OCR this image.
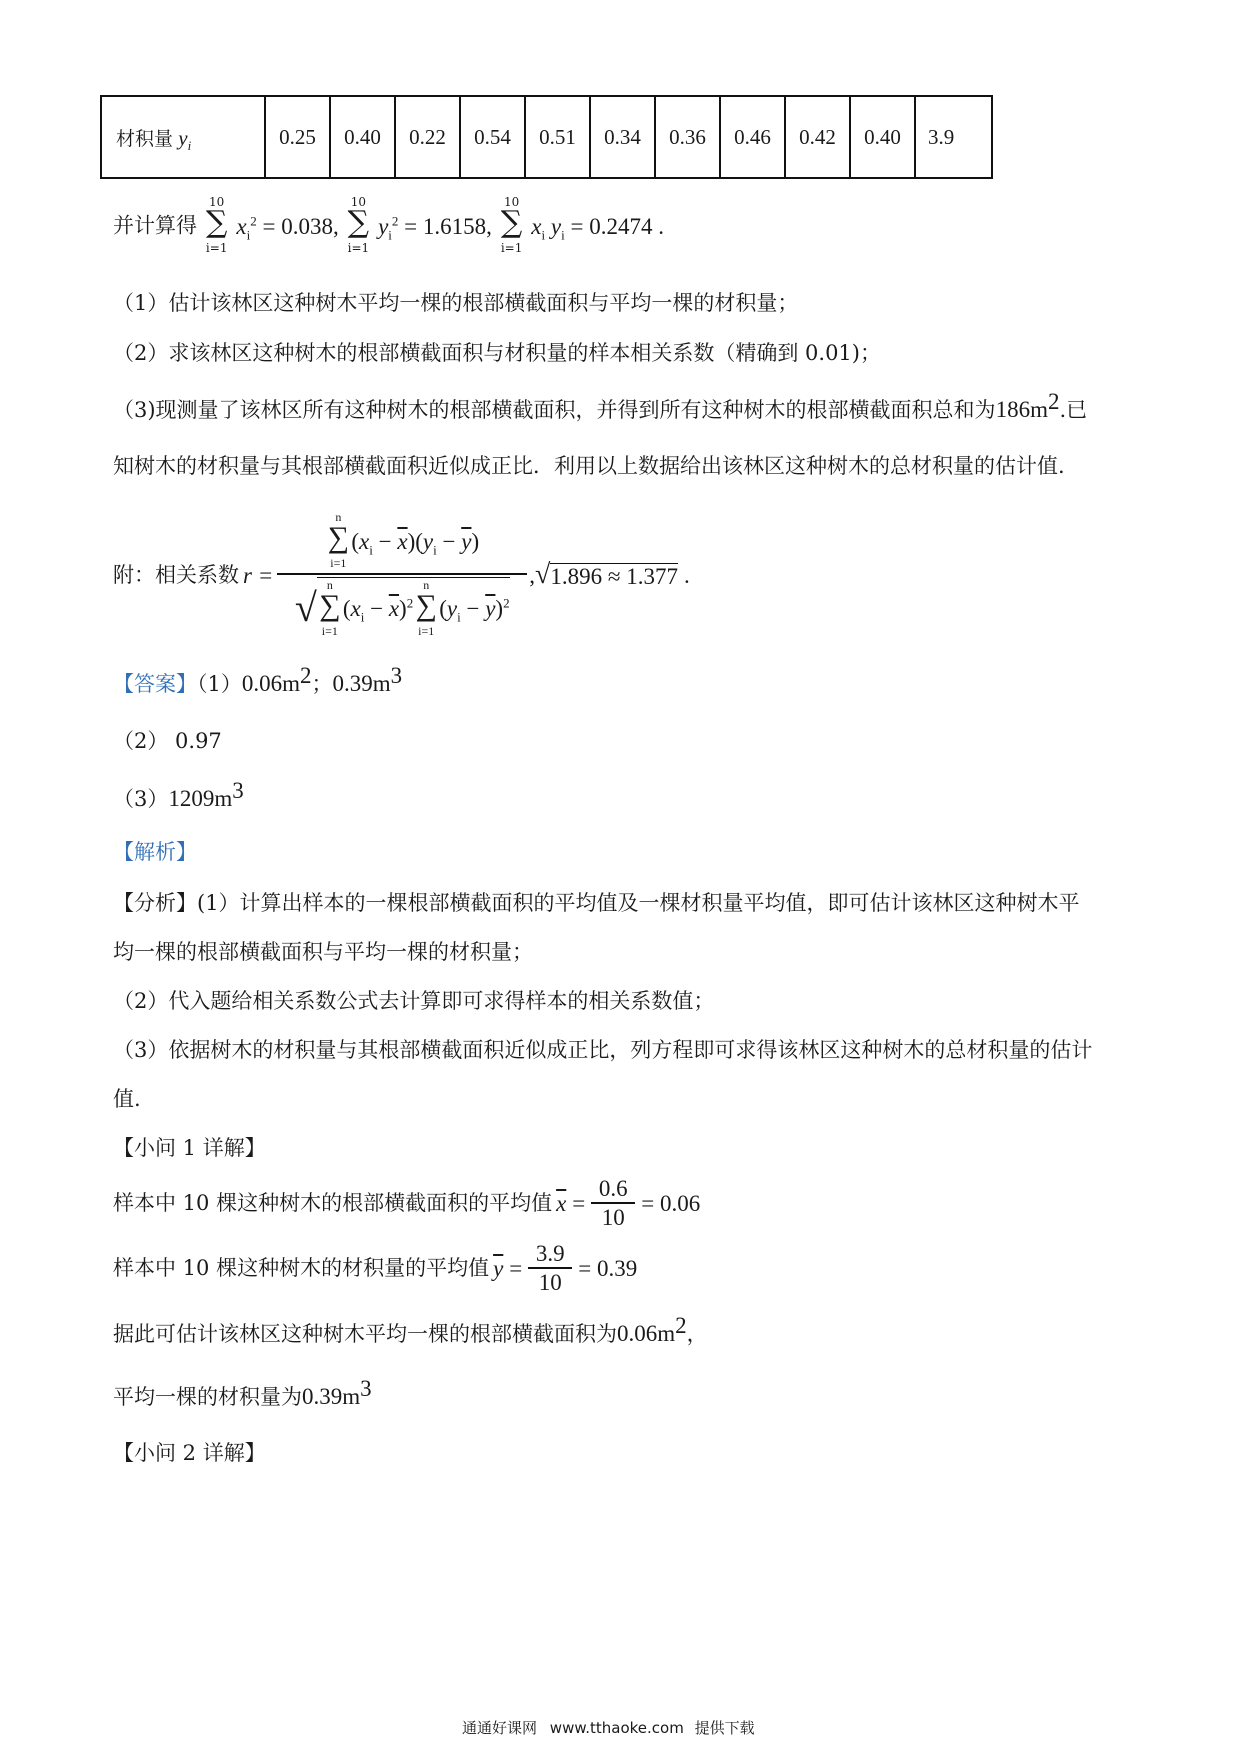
材积量 $y_i$	0.25	0.40	0.22	0.54	0.51	0.34	0.36	0.46	0.42	0.40	3.9
并计算得
10
∑
i=1
$x_i^2 = 0.038$,
10
∑
i=1
$y_i^2 = 1.6158$,
10
∑
i=1
$x_i$ $y_i = 0.2474$ .
（1）估计该林区这种树木平均一棵的根部横截面积与平均一棵的材积量；
（2）求该林区这种树木的根部横截面积与材积量的样本相关系数（精确到 0.01)；
（3)现测量了该林区所有这种树木的根部横截面积，并得到所有这种树木的根部横截面积总和为$186m^2$.已
知树木的材积量与其根部横截面积近似成正比．利用以上数据给出该林区这种树木的总材积量的估计值.
附：相关系数 r =
n
∑
i=1
$(x_i - \overline{x})(y_i - \overline{y})$
√ n
∑
i=1
$(x_i - \overline{x})^2$
n
∑
i=1
$(y_i - \overline{y})^2$
, √ 1.896 ≈ 1.377 .
【答案】$(1)0.06m^2$；$0.39m^3$
（2） 0.97
$(3)1209m^3$
【解析】
【分析】(1）计算出样本的一棵根部横截面积的平均值及一棵材积量平均值，即可估计该林区这种树木平
均一棵的根部横截面积与平均一棵的材积量；
（2）代入题给相关系数公式去计算即可求得样本的相关系数值；
（3）依据树木的材积量与其根部横截面积近似成正比，列方程即可求得该林区这种树木的总材积量的估计
值.
【小问 1 详解】
样本中 10 棵这种树木的根部横截面积的平均值 $\overline{x} = \frac{0.6}{10} = 0.06$
样本中 10 棵这种树木的材积量的平均值 $\overline{y} = \frac{3.9}{10} = 0.39$
据此可估计该林区这种树木平均一棵的根部横截面积为$0.06m^2$，
平均一棵的材积量为$0.39m^3$
【小问 2 详解】
通通好课网 www.tthaoke.com 提供下载
